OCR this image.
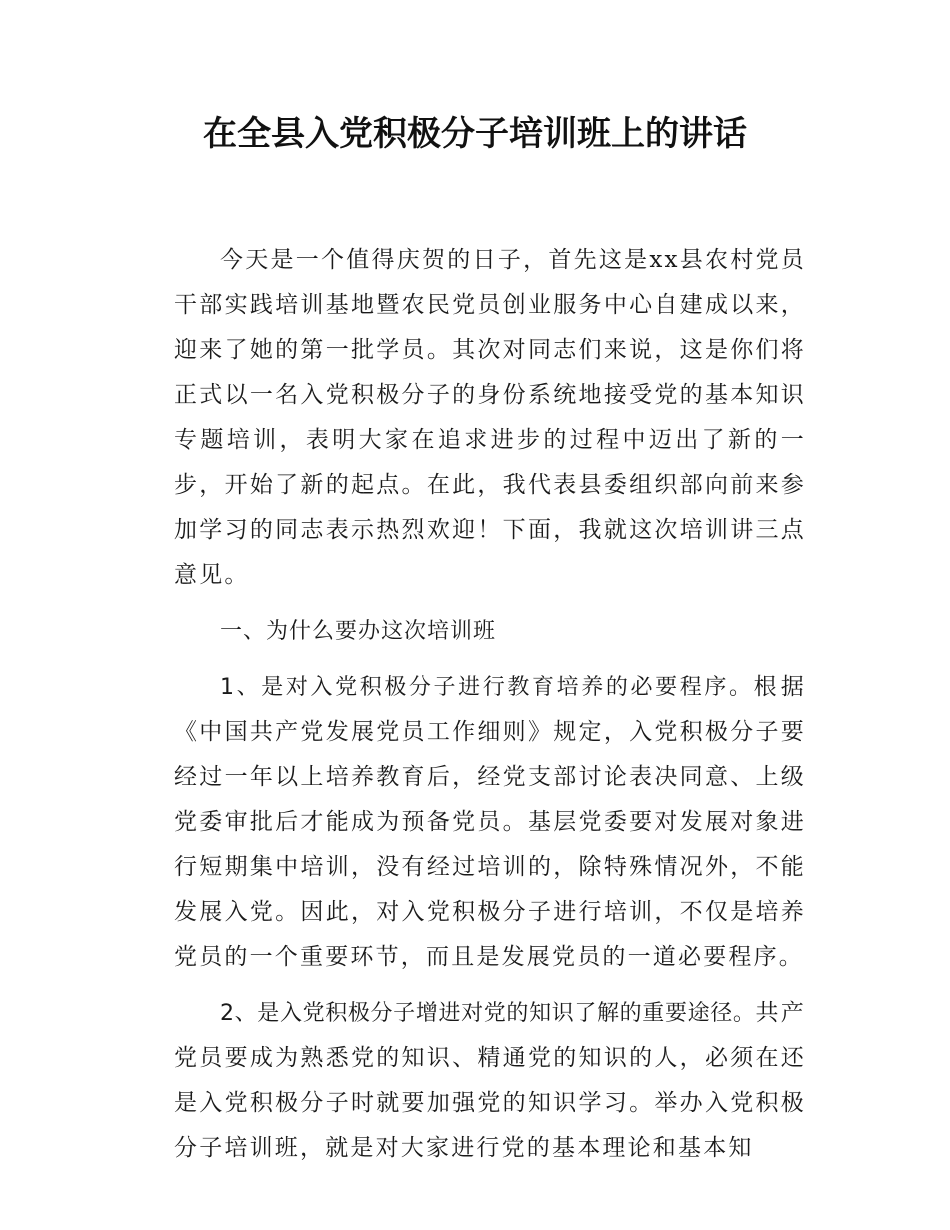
在全县入党积极分子培训班上的讲话

今天是一个值得庆贺的日子，首先这是xx县农村党员干部实践培训基地暨农民党员创业服务中心自建成以来，迎来了她的第一批学员。其次对同志们来说，这是你们将正式以一名入党积极分子的身份系统地接受党的基本知识专题培训，表明大家在追求进步的过程中迈出了新的一步，开始了新的起点。在此，我代表县委组织部向前来参加学习的同志表示热烈欢迎！下面，我就这次培训讲三点意见。

一、为什么要办这次培训班

1、是对入党积极分子进行教育培养的必要程序。根据《中国共产党发展党员工作细则》规定，入党积极分子要经过一年以上培养教育后，经党支部讨论表决同意、上级党委审批后才能成为预备党员。基层党委要对发展对象进行短期集中培训，没有经过培训的，除特殊情况外，不能发展入党。因此，对入党积极分子进行培训，不仅是培养党员的一个重要环节，而且是发展党员的一道必要程序。

2、是入党积极分子增进对党的知识了解的重要途径。共产党员要成为熟悉党的知识、精通党的知识的人，必须在还是入党积极分子时就要加强党的知识学习。举办入党积极分子培训班，就是对大家进行党的基本理论和基本知
